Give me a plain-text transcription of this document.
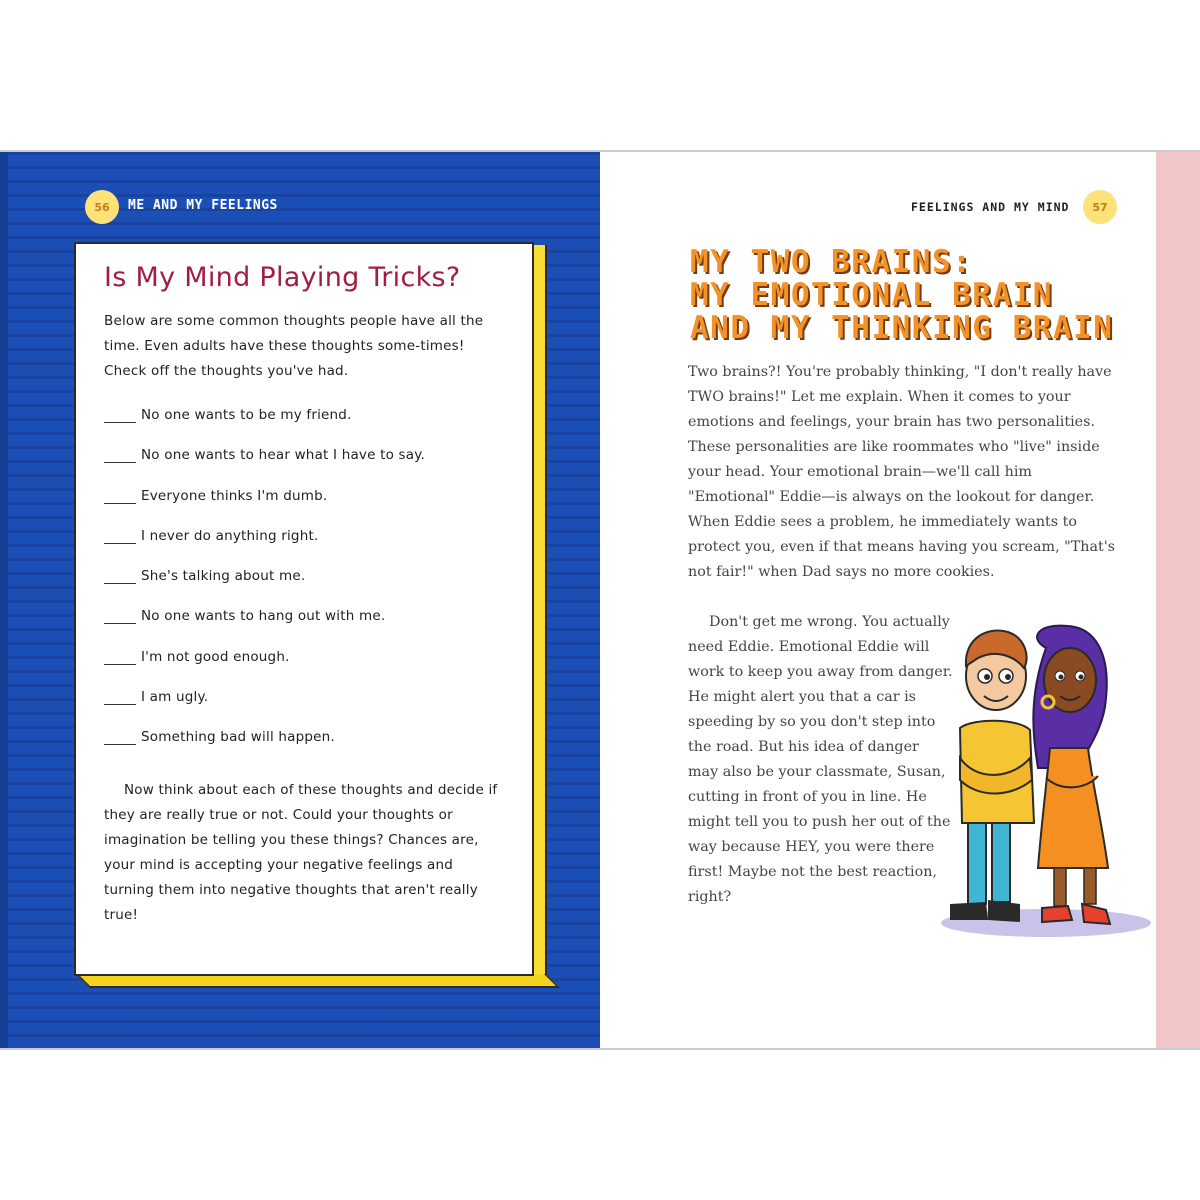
56	ME AND MY FEELINGS
Is My Mind Playing Tricks?

Below are some common thoughts people have all the time. Even adults have these thoughts some-times! Check off the thoughts you've had.

No one wants to be my friend.
No one wants to hear what I have to say.
Everyone thinks I'm dumb.
I never do anything right.
She's talking about me.
No one wants to hang out with me.
I'm not good enough.
I am ugly.
Something bad will happen.

Now think about each of these thoughts and decide if they are really true or not. Could your thoughts or imagination be telling you these things? Chances are, your mind is accepting your negative feelings and turning them into negative thoughts that aren't really true!

FEELINGS AND MY MIND	57
MY TWO BRAINS:
MY EMOTIONAL BRAIN
AND MY THINKING BRAIN

Two brains?! You're probably thinking, "I don't really have TWO brains!" Let me explain. When it comes to your emotions and feelings, your brain has two personalities. These personalities are like roommates who "live" inside your head. Your emotional brain—we'll call him "Emotional" Eddie—is always on the lookout for danger. When Eddie sees a problem, he immediately wants to protect you, even if that means having you scream, "That's not fair!" when Dad says no more cookies.

Don't get me wrong. You actually need Eddie. Emotional Eddie will work to keep you away from danger. He might alert you that a car is speeding by so you don't step into the road. But his idea of danger may also be your classmate, Susan, cutting in front of you in line. He might tell you to push her out of the way because HEY, you were there first! Maybe not the best reaction, right?
